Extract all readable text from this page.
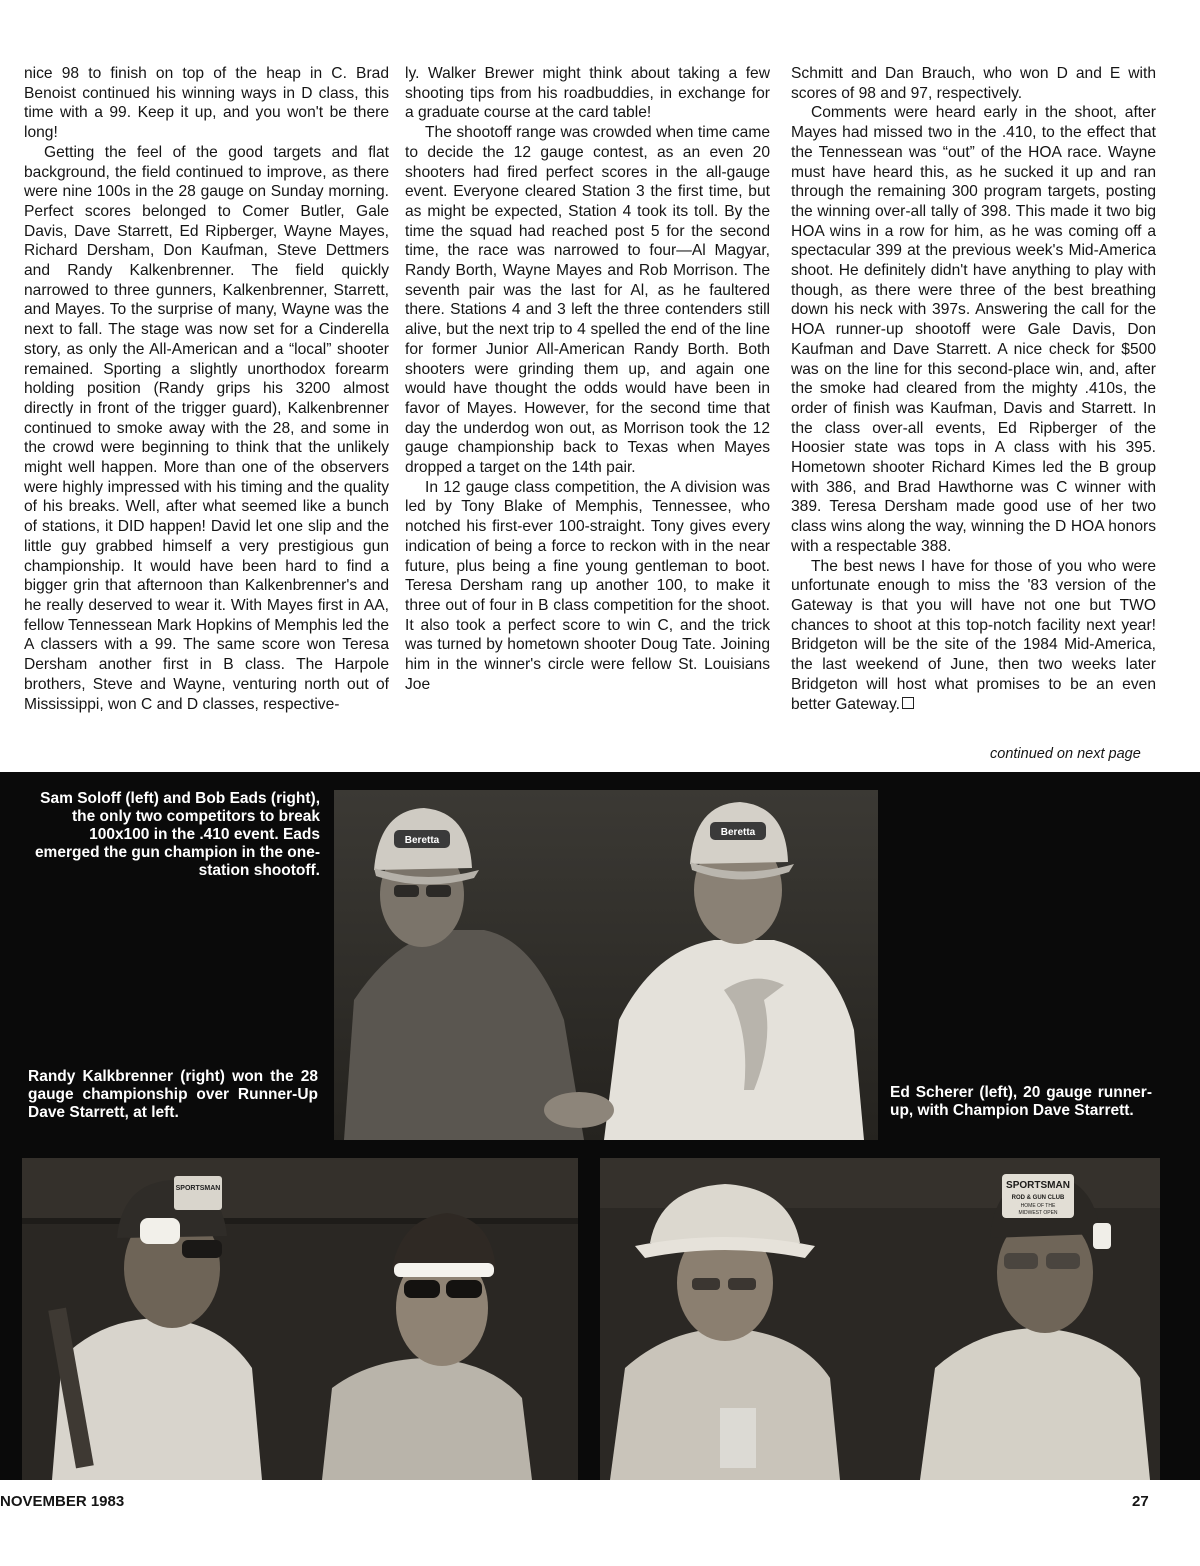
nice 98 to finish on top of the heap in C. Brad Benoist continued his winning ways in D class, this time with a 99. Keep it up, and you won't be there long!

Getting the feel of the good targets and flat background, the field continued to improve, as there were nine 100s in the 28 gauge on Sunday morning. Perfect scores belonged to Comer Butler, Gale Davis, Dave Starrett, Ed Ripberger, Wayne Mayes, Richard Dersham, Don Kaufman, Steve Dettmers and Randy Kalkenbrenner. The field quickly narrowed to three gunners, Kalkenbrenner, Starrett, and Mayes. To the surprise of many, Wayne was the next to fall. The stage was now set for a Cinderella story, as only the All-American and a “local” shooter remained. Sporting a slightly unorthodox forearm holding position (Randy grips his 3200 almost directly in front of the trigger guard), Kalkenbrenner continued to smoke away with the 28, and some in the crowd were beginning to think that the unlikely might well happen. More than one of the observers were highly impressed with his timing and the quality of his breaks. Well, after what seemed like a bunch of stations, it DID happen! David let one slip and the little guy grabbed himself a very prestigious gun championship. It would have been hard to find a bigger grin that afternoon than Kalkenbrenner's and he really deserved to wear it. With Mayes first in AA, fellow Tennessean Mark Hopkins of Memphis led the A classers with a 99. The same score won Teresa Dersham another first in B class. The Harpole brothers, Steve and Wayne, venturing north out of Mississippi, won C and D classes, respective-

ly. Walker Brewer might think about taking a few shooting tips from his roadbuddies, in exchange for a graduate course at the card table!

The shootoff range was crowded when time came to decide the 12 gauge contest, as an even 20 shooters had fired perfect scores in the all-gauge event. Everyone cleared Station 3 the first time, but as might be expected, Station 4 took its toll. By the time the squad had reached post 5 for the second time, the race was narrowed to four—Al Magyar, Randy Borth, Wayne Mayes and Rob Morrison. The seventh pair was the last for Al, as he faultered there. Stations 4 and 3 left the three contenders still alive, but the next trip to 4 spelled the end of the line for former Junior All-American Randy Borth. Both shooters were grinding them up, and again one would have thought the odds would have been in favor of Mayes. However, for the second time that day the underdog won out, as Morrison took the 12 gauge championship back to Texas when Mayes dropped a target on the 14th pair.

In 12 gauge class competition, the A division was led by Tony Blake of Memphis, Tennessee, who notched his first-ever 100-straight. Tony gives every indication of being a force to reckon with in the near future, plus being a fine young gentleman to boot. Teresa Dersham rang up another 100, to make it three out of four in B class competition for the shoot. It also took a perfect score to win C, and the trick was turned by hometown shooter Doug Tate. Joining him in the winner's circle were fellow St. Louisians Joe

Schmitt and Dan Brauch, who won D and E with scores of 98 and 97, respectively.

Comments were heard early in the shoot, after Mayes had missed two in the .410, to the effect that the Tennessean was “out” of the HOA race. Wayne must have heard this, as he sucked it up and ran through the remaining 300 program targets, posting the winning over-all tally of 398. This made it two big HOA wins in a row for him, as he was coming off a spectacular 399 at the previous week's Mid-America shoot. He definitely didn't have anything to play with though, as there were three of the best breathing down his neck with 397s. Answering the call for the HOA runner-up shootoff were Gale Davis, Don Kaufman and Dave Starrett. A nice check for $500 was on the line for this second-place win, and, after the smoke had cleared from the mighty .410s, the order of finish was Kaufman, Davis and Starrett. In the class over-all events, Ed Ripberger of the Hoosier state was tops in A class with his 395. Hometown shooter Richard Kimes led the B group with 386, and Brad Hawthorne was C winner with 389. Teresa Dersham made good use of her two class wins along the way, winning the D HOA honors with a respectable 388.

The best news I have for those of you who were unfortunate enough to miss the '83 version of the Gateway is that you will have not one but TWO chances to shoot at this top-notch facility next year! Bridgeton will be the site of the 1984 Mid-America, the last weekend of June, then two weeks later Bridgeton will host what promises to be an even better Gateway.

continued on next page
Beretta
Beretta
SPORTSMAN	SPORTSMAN
ROD & GUN CLUB
HOME OF THE
MIDWEST OPEN
Sam Soloff (left) and Bob Eads (right), the only two competitors to break 100x100 in the .410 event. Eads emerged the gun champion in the one-station shootoff.
Randy Kalkbrenner (right) won the 28 gauge championship over Runner-Up Dave Starrett, at left.
Ed Scherer (left), 20 gauge runner-up, with Champion Dave Starrett.
NOVEMBER 1983	27
